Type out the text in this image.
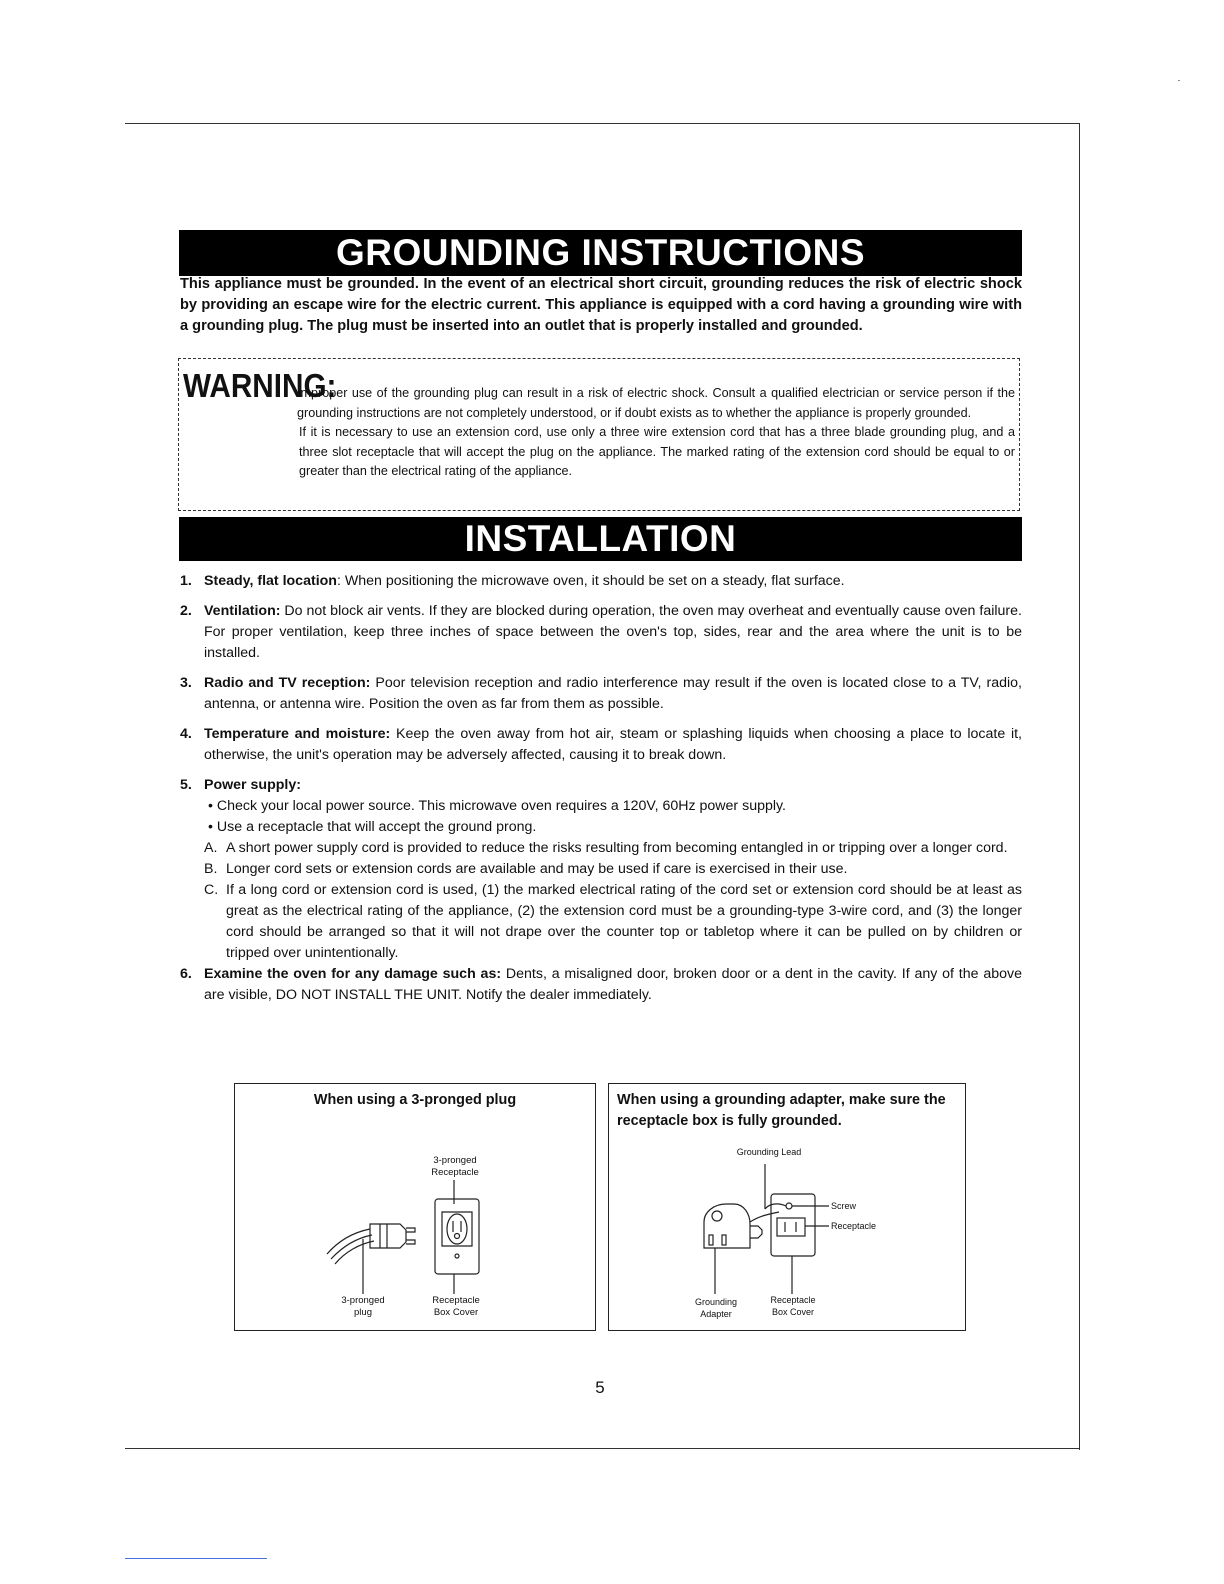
GROUNDING INSTRUCTIONS
This appliance must be grounded. In the event of an electrical short circuit, grounding reduces the risk of electric shock by providing an escape wire for the electric current. This appliance is equipped with a cord having a grounding wire with a grounding plug. The plug must be inserted into an outlet that is properly installed and grounded.
WARNING:

Improper use of the grounding plug can result in a risk of electric shock. Consult a qualified electrician or service person if the grounding instructions are not completely understood, or if doubt exists as to whether the appliance is properly grounded.

If it is necessary to use an extension cord, use only a three wire extension cord that has a three blade grounding plug, and a three slot receptacle that will accept the plug on the appliance. The marked rating of the extension cord should be equal to or greater than the electrical rating of the appliance.

INSTALLATION
1. Steady, flat location: When positioning the microwave oven, it should be set on a steady, flat surface.
2. Ventilation: Do not block air vents. If they are blocked during operation, the oven may overheat and eventually cause oven failure. For proper ventilation, keep three inches of space between the oven's top, sides, rear and the area where the unit is to be installed.
3. Radio and TV reception: Poor television reception and radio interference may result if the oven is located close to a TV, radio, antenna, or antenna wire. Position the oven as far from them as possible.
4. Temperature and moisture: Keep the oven away from hot air, steam or splashing liquids when choosing a place to locate it, otherwise, the unit's operation may be adversely affected, causing it to break down.
5. Power supply:

• Check your local power source. This microwave oven requires a 120V, 60Hz power supply.

• Use a receptacle that will accept the ground prong.

A. A short power supply cord is provided to reduce the risks resulting from becoming entangled in or tripping over a longer cord.

B. Longer cord sets or extension cords are available and may be used if care is exercised in their use.

C. If a long cord or extension cord is used, (1) the marked electrical rating of the cord set or extension cord should be at least as great as the electrical rating of the appliance, (2) the extension cord must be a grounding-type 3-wire cord, and (3) the longer cord should be arranged so that it will not drape over the counter top or tabletop where it can be pulled on by children or tripped over unintentionally.

6. Examine the oven for any damage such as: Dents, a misaligned door, broken door or a dent in the cavity. If any of the above are visible, DO NOT INSTALL THE UNIT. Notify the dealer immediately.
When using a 3-pronged plug
3-pronged
Receptacle
3-pronged
plug
Receptacle
Box Cover
When using a grounding adapter, make sure the receptacle box is fully grounded.
Grounding Lead
Screw
Receptacle
Grounding
Adapter
Receptacle
Box Cover
5
